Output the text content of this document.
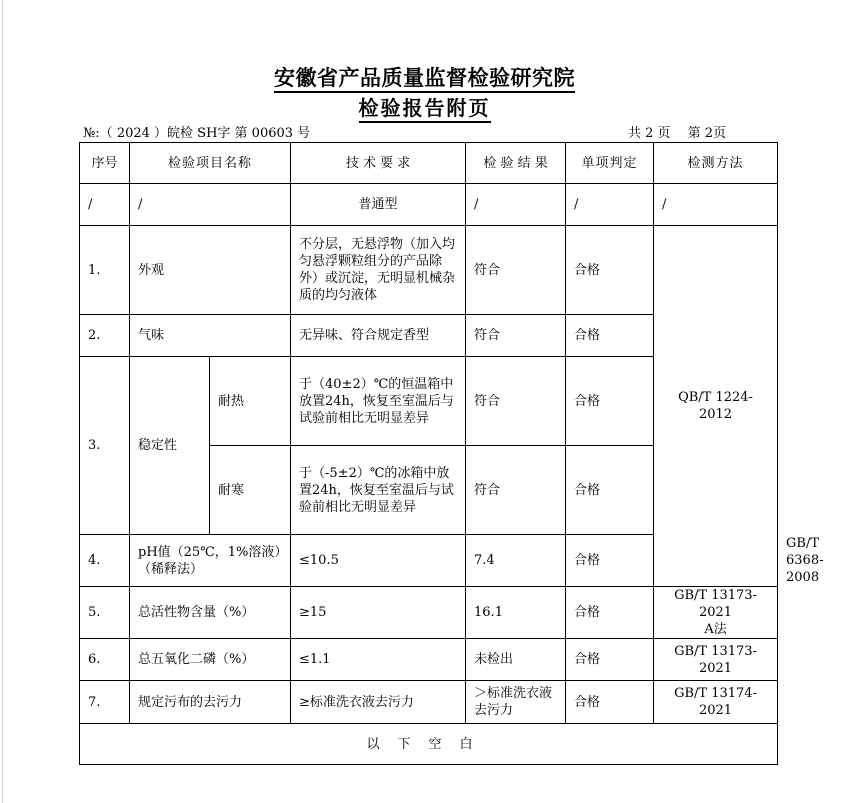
安徽省产品质量监督检验研究院
检验报告附页
№:（ 2024 ）皖检 SH字 第 00603 号	共 2 页　 第 2页
序号	检验项目名称		技 术 要 求	检 验 结 果	单项判定	检测方法	
/	/		普通型	/	/	/	
1.	外观		不分层，无悬浮物（加入均匀悬浮颗粒组分的产品除外）或沉淀，无明显机械杂质的均匀液体	符合	合格	QB/T 1224-2012	
2.	气味		无异味、符合规定香型	符合	合格		
3.	稳定性	耐热	于（40±2）℃的恒温箱中放置24h，恢复至室温后与试验前相比无明显差异	符合	合格		
		耐寒	于（-5±2）℃的冰箱中放置24h，恢复至室温后与试验前相比无明显差异	符合	合格		
4.	pH值（25℃，1%溶液）（稀释法）		≤10.5	7.4	合格		GB/T 6368-2008
5.	总活性物含量（%）		≥15	16.1	合格	GB/T 13173-2021
A法	

6.	总五氧化二磷（%）		≤1.1	未检出	合格	GB/T 13173-2021	
7.	规定污布的去污力		≥标准洗衣液去污力	＞标准洗衣液去污力	合格	GB/T 13174-2021	
以下空白							
